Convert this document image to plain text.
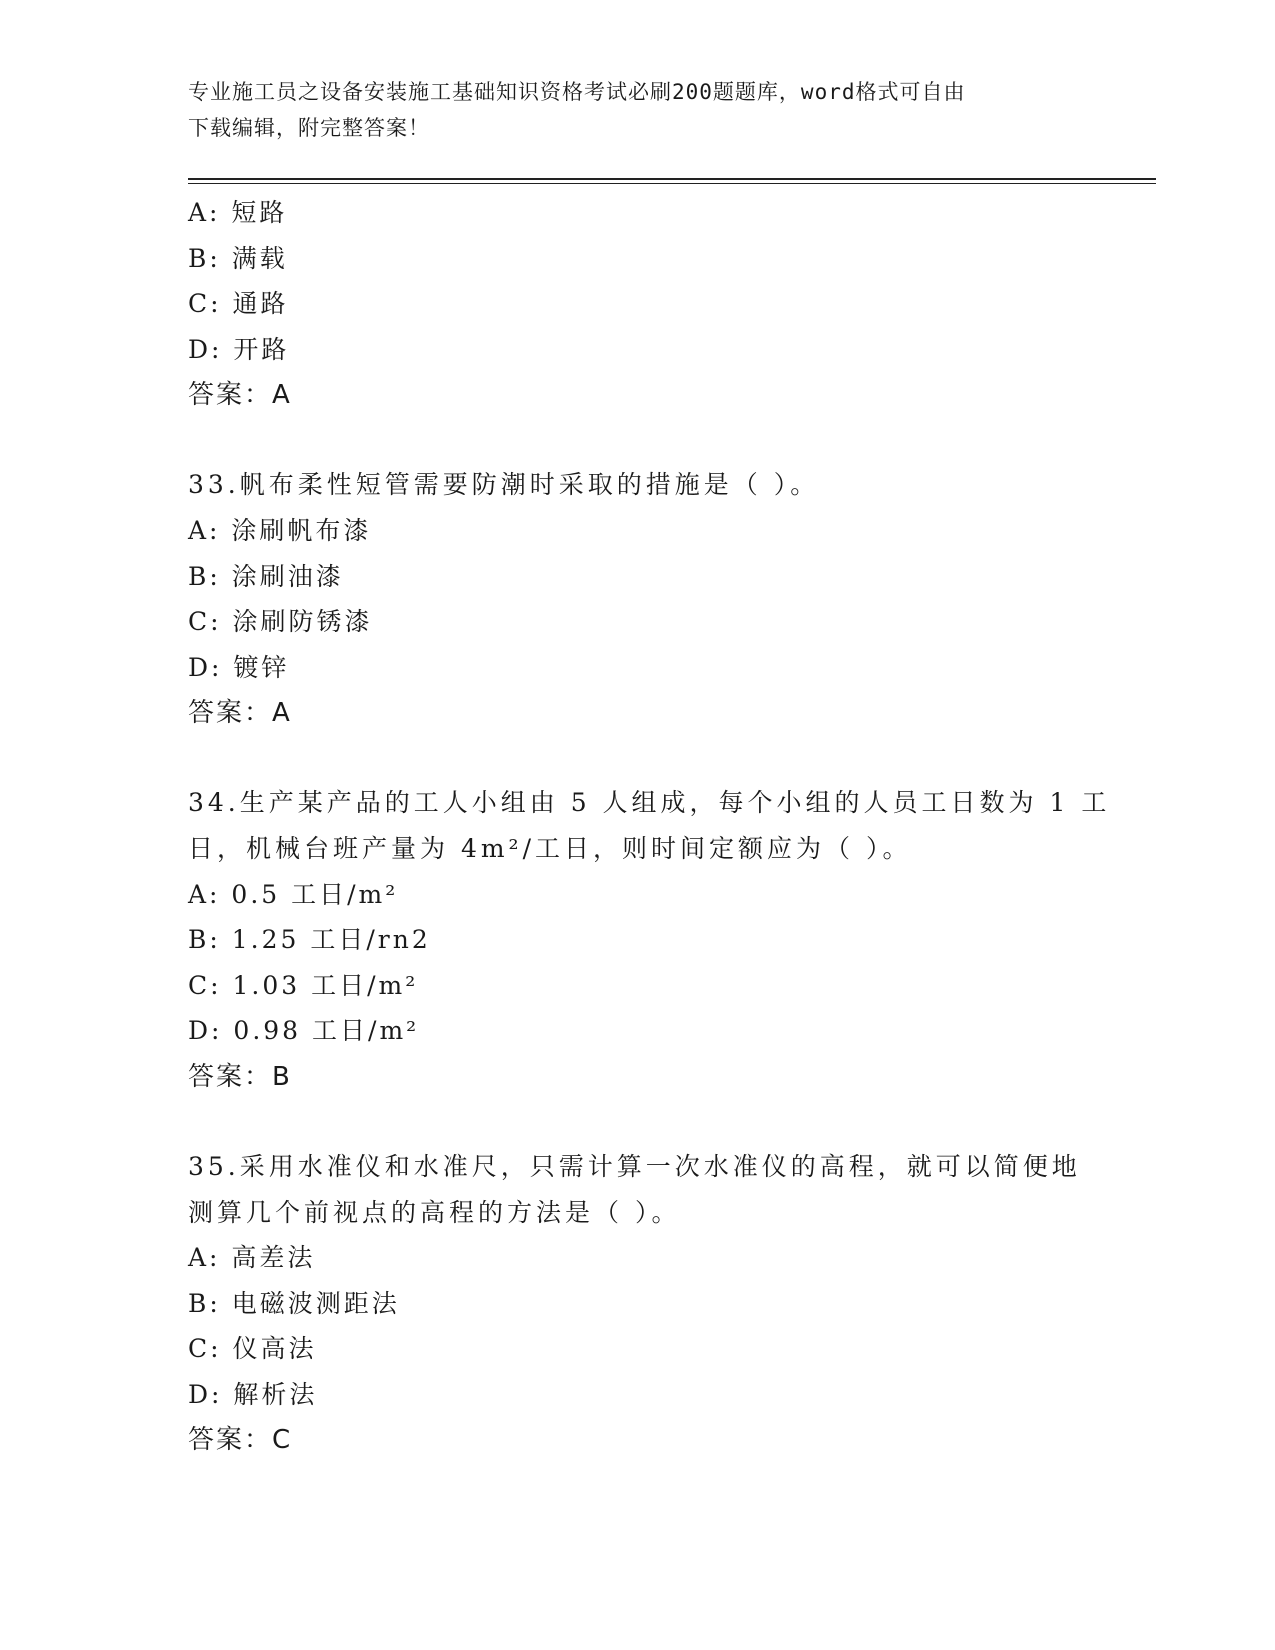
专业施工员之设备安装施工基础知识资格考试必刷200题题库，word格式可自由
下载编辑，附完整答案！
A: 短路
B: 满载
C: 通路
D: 开路
答案：A
33.帆布柔性短管需要防潮时采取的措施是（ ）。
A: 涂刷帆布漆
B: 涂刷油漆
C: 涂刷防锈漆
D: 镀锌
答案：A
34.生产某产品的工人小组由 5 人组成，每个小组的人员工日数为 1 工
日，机械台班产量为 4m²/工日，则时间定额应为（ ）。
A: 0.5 工日/m²
B: 1.25 工日/rn2
C: 1.03 工日/m²
D: 0.98 工日/m²
答案：B
35.采用水准仪和水准尺，只需计算一次水准仪的高程，就可以简便地
测算几个前视点的高程的方法是（ ）。
A: 高差法
B: 电磁波测距法
C: 仪高法
D: 解析法
答案：C
